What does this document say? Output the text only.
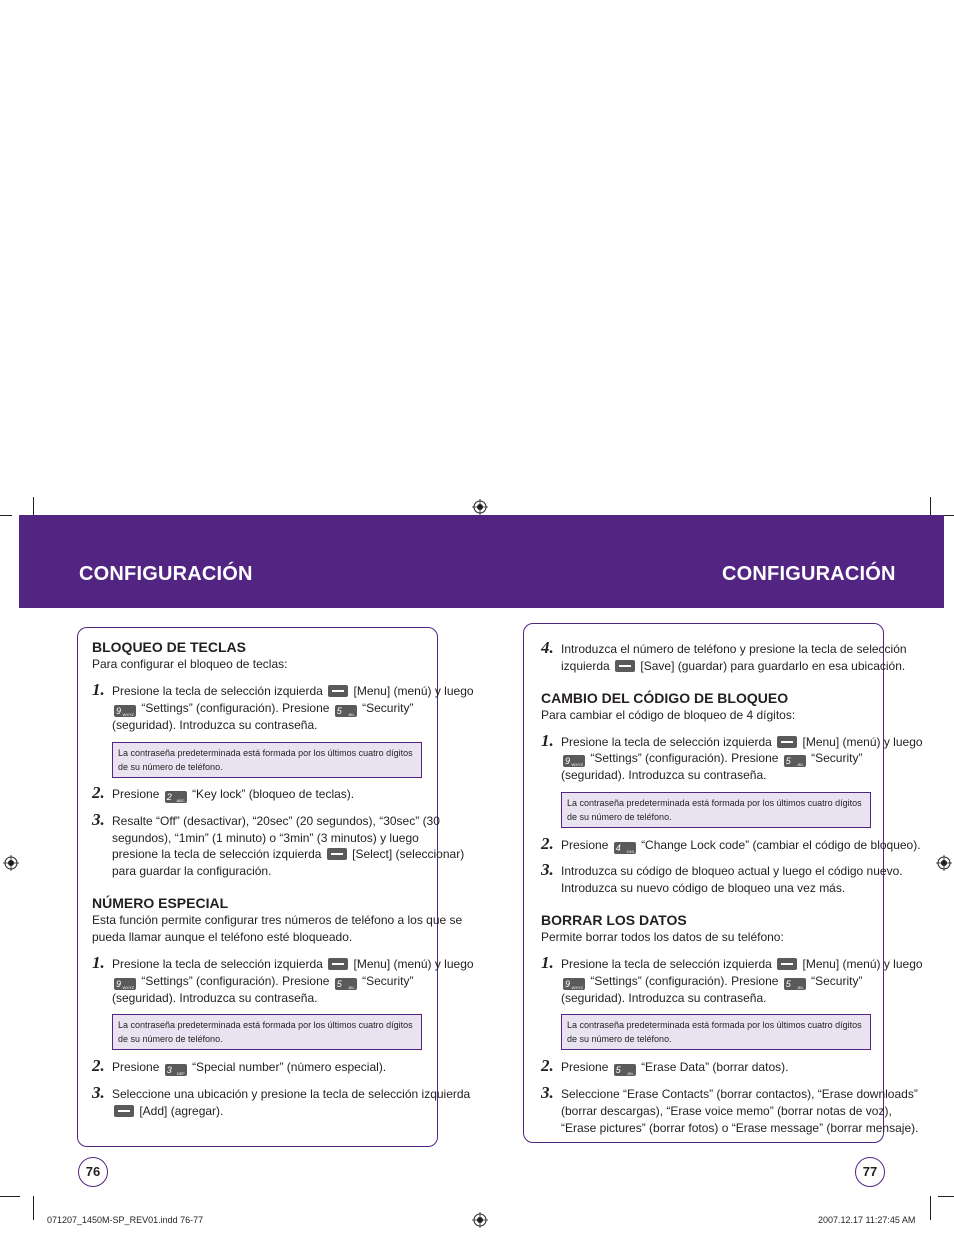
CONFIGURACIÓN	CONFIGURACIÓN
BLOQUEO DE TECLAS
Para configurar el bloqueo de teclas:
1. Presione la tecla de selección izquierda	[Menu] (menú) y luego
9 WXYZ “Settings” (configuración). Presione 5 JKL “Security”
(seguridad). Introduzca su contraseña.
La contraseña predeterminada está formada por los últimos cuatro dígitos de su número de teléfono.
2. Presione 2 ABC “Key lock” (bloqueo de teclas).
3. Resalte “Off” (desactivar), “20sec” (20 segundos), “30sec” (30
segundos), “1min” (1 minuto) o “3min” (3 minutos) y luego
presione la tecla de selección izquierda	[Select] (seleccionar)
para guardar la configuración.
NÚMERO ESPECIAL
Esta función permite configurar tres números de teléfono a los que se
pueda llamar aunque el teléfono esté bloqueado.
1. Presione la tecla de selección izquierda	[Menu] (menú) y luego
9 WXYZ “Settings” (configuración). Presione 5 JKL “Security”
(seguridad). Introduzca su contraseña.
La contraseña predeterminada está formada por los últimos cuatro dígitos de su número de teléfono.
2. Presione 3 DEF “Special number” (número especial).
3. Seleccione una ubicación y presione la tecla de selección izquierda
[Add] (agregar).
76
4. Introduzca el número de teléfono y presione la tecla de selección
izquierda	[Save] (guardar) para guardarlo en esa ubicación.
CAMBIO DEL CÓDIGO DE BLOQUEO
Para cambiar el código de bloqueo de 4 dígitos:
1. Presione la tecla de selección izquierda	[Menu] (menú) y luego
9 WXYZ “Settings” (configuración). Presione 5 JKL “Security”
(seguridad). Introduzca su contraseña.
La contraseña predeterminada está formada por los últimos cuatro dígitos de su número de teléfono.
2. Presione 4 GHI “Change Lock code” (cambiar el código de bloqueo).
3. Introduzca su código de bloqueo actual y luego el código nuevo.
Introduzca su nuevo código de bloqueo una vez más.
BORRAR LOS DATOS
Permite borrar todos los datos de su teléfono:
1. Presione la tecla de selección izquierda	[Menu] (menú) y luego
9 WXYZ “Settings” (configuración). Presione 5 JKL “Security”
(seguridad). Introduzca su contraseña.
La contraseña predeterminada está formada por los últimos cuatro dígitos de su número de teléfono.
2. Presione 5 JKL “Erase Data” (borrar datos).
3. Seleccione “Erase Contacts” (borrar contactos), “Erase downloads”
(borrar descargas), “Erase voice memo” (borrar notas de voz),
“Erase pictures” (borrar fotos) o “Erase message” (borrar mensaje).
77
071207_1450M-SP_REV01.indd 76-77	2007.12.17 11:27:45 AM
